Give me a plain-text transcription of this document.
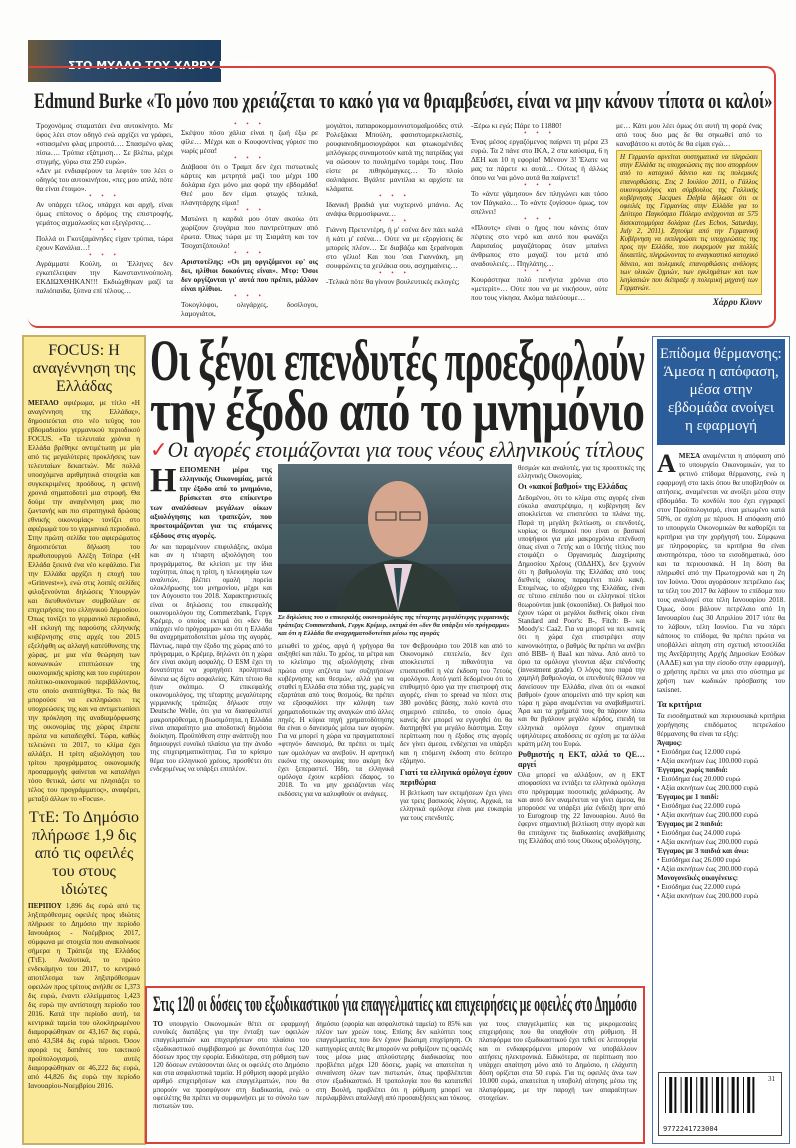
ΣΤΟ ΜΥΑΛΟ ΤΟΥ ΧΑΡΡΥ ΚΛΥΝΝ
Edmund Burke «Το μόνο που χρειάζεται το κακό για να θριαμβεύσει, είναι να μην κάνουν τίποτα οι καλοί»

Τροχονόμος σταματάει ένα αυτοκίνητο. Με ύφος λέει στον οδηγό ενώ αρχίζει να γράφει, «σπασμένο φλας μπροστά…. Σπασμένο φλας πίσω…. Τρύπια εξάτμιση… Σε βλέπω, μέχρι στιγμής, γύρω στα 250 ευρώ».

«Δεν με ενδιαφέρουν τα λεφτά» του λέει ο οδηγός του αυτοκινήτου, «πες μου απλά, πότε θα είναι έτοιμο».

• • •

Αν υπάρχει τέλος, υπάρχει και αρχή, είναι όμως επίπονος ο δρόμος της επιστροφής, γεμάτος αιχμαλωσίες και εξεγέρσεις…

• • •

Πολλά οι Γκοτζαμάνηδες είχαν τρύπια, τώρα έχουν Κανάλια…!

• • •

Αγράμματε Κούλη, οι Έλληνες δεν εγκατέλειψαν την Κωνσταντινούπολη. ΕΚΔΙΩΧΘΗΚΑΝ!!! Εκδιώχθηκαν μαζί τα παλιόπαιδα, ξύπνα επί τέλους…

• • •

Σκέψου πόσο χάλια είναι η ζωή έξω ρε φίλε… Μέχρι και ο Κουφοντίνας γύρισε πιο νωρίς μέσα!

• • •

Διάβασα ότι ο Τραμπ δεν έχει πιστωτικές κάρτες και μετρητά μαζί του μέχρι 100 δολάρια έχει μόνο μια φορά την εβδομάδα! Θεέ μου δεν είμαι φτωχός τελικά, πλανητάρχης είμαι!

• • •

Ματώνει η καρδιά μου όταν ακούω ότι χωρίζουν ζευγάρια που παντρεύτηκαν από έρωτα. Όπως τώρα με τη Σιαμάτη και τον Τσοχατζόπουλο!

• • •

Αριστοτέλης: «Οι μη οργιζόμενοι εφ' οις δει, ηλίθιοι δοκούντες είναι». Μτφ: Όσοι δεν οργίζονται γι' αυτά που πρέπει, μάλλον είναι ηλίθιοι.

• • •

Τοκογλύφοι, ολιγάρχες, δοσίλογοι, λαμογιάτοι,

μογιάτοι, παπαροκομμουνιστομαϊμούδες στιλ Ρολεξάκια Μπούλη, φασιστομερκελιστές, ρουφιανοδημοσιογράφοι και φτωκομένιδες μπλόγκερς συναμοτούν κατά της πατρίδας για να σώσουν το πουλημένο τομάρι τους. Που είστε ρε πιθηκόμαγκες… Το πλοίο σαλπάρισε. Βγάλτε μαντίλια κι αρχίστε τα κλάματα.

• • •

Ιδανική βραδιά για νυχτερινό μπάνιο. Ας ανάψω θερμοσίφωνα…

• • •

Γιάννη Πρετεντέρη, ή μ' εσένα δεν πάει καλά ή κάτι μ' εσένα… Ούτε να με εξοργίσεις δε μπορείς πλέον… Σε διαβάζω και ξεραίνομαι στο γέλιο! Και που 'σαι Γιαννάκη, μη σουφρώνεις τα χειλάκια σου, ασχημαίνεις…

• • •

-Τελικά πότε θα γίνουν βουλευτικές εκλογές;

-Ξέρω κι εγώ; Πάρε το 11880!

• • •

Ένας μέσος εργαζόμενος παίρνει τη μέρα 23 ευρώ. Τα 2 πάνε στο ΙΚΑ, 2 στα καύσιμα, 6 η ΔΕΗ και 10 η εφορία! Μένουν 3! Έλατε να μας τα πάρετε κι αυτά… Ούτως ή άλλως όπου να 'ναι μόνο αυτά θα παίρνετε!

• • •

Το «άντε γάμησου» δεν πληγώνει και τόσο τον Πάγκαλο… Το «άντε ζυγίσου» όμως, τον σπέλνει!

• • •

«Πλουτς» είναι ο ήχος που κάνεις όταν πέφτεις στο νερό και αυτό που φωνάζει Λαρισαίος μαγαζάτορας όταν μπαίνει άνθρωπος στο μαγαζί του μετά από αναδουλειές… Πηγλάτης…

• • •

Κουράστηκα πολύ πενήντα χρόνια στο «μετερίτ»… Ούτε που να με νικήσουν, ούτε που τους νίκησα. Ακόμα παλεύουμε…

με… Κάτι μου λέει όμως ότι αυτή τη φορά ένας από τους δυο μας δε θα σηκωθεί από το καναβάτσο κι αυτός δε θα είμαι εγώ…

Η Γερμανία αρνείται συστηματικά να πληρώσει στην Ελλάδα τις υποχρεώσεις της που απορρέουν από το κατοχικό δάνειο και τις πολεμικές επανορθώσεις. Στις 2 Ιουλίου 2011, ο Γάλλος οικονομολόγος και σύμβουλος της Γαλλικής κυβέρνησης Jacques Delpla δήλωσε ότι οι οφειλές της Γερμανίας στην Ελλάδα για το Δεύτερο Παγκόσμιο Πόλεμο ανέρχονται σε 575 δισεκατομμύρια δολάρια (Les Echos, Saturday, July 2, 2011). Ζητούμε από την Γερμανική Κυβέρνηση να εκπληρώσει τις υποχρεώσεις της προς την Ελλάδα, που εκκρεμούν για πολλές δεκαετίες, πληρώνοντας το αναγκαστικό κατοχικό δάνειο, και πολεμικές επανορθώσεις ανάλογες των υλικών ζημιών, των εγκλημάτων και των λεηλασιών που διέπραξε η πολεμική μηχανή των Γερμανών.

Χάρρυ Κλυνν

FOCUS: Η αναγέννηση της Ελλάδας
ΜΕΓΑΛΟ αφιέρωμα, με τίτλο «Η αναγέννηση της Ελλάδας», δημοσιεύεται στο νέο τεύχος του εβδομαδιαίου γερμανικού περιοδικού FOCUS. «Τα τελευταία χρόνια η Ελλάδα βρέθηκε αντιμέτωπη με μία από τις μεγαλύτερες προκλήσεις των τελευταίων δεκαετιών. Με πολλά υποσχόμενα αριθμητικά στοιχεία και συγκεκριμένες προόδους, η φετινή χρονιά σηματοδοτεί μια στροφή. Θα δούμε την αναγέννηση μιας πιο ζωντανής και πιο στρατηγικά δρώσας εθνικής οικονομίας» τονίζει στο αφιέρωμά του το γερμανικό περιοδικό. Στην πρώτη σελίδα του αφιερώματος δημοσιεύεται δήλωση του πρωθυπουργού Αλέξη Τσίπρα («Η Ελλάδα ξεκινά ένα νέο κεφάλαιο. Για την Ελλάδα αρχίζει η εποχή του «Grinvest»»), ενώ στις λοιπές σελίδες φιλοξενούνται δηλώσεις Υπουργών και διευθυνόντων συμβούλων σε επιχειρήσεις του ελληνικού Δημοσίου. Όπως τονίζει το γερμανικό περιοδικό, «Η εκλογή της παρούσης ελληνικής κυβέρνησης στις αρχές του 2015 εξελήφθη ως αλλαγή κατεύθυνσης της χώρας, με μια νέα θεώρηση των κοινωνικών επιπτώσεων της οικονομικής κρίσης και του ευρύτερου πολιτικο-οικονομικού περιβάλλοντος, στο οποίο αναπτύχθηκε. Το πώς θα μπορούσε να εκπληρώσει τις υποχρεώσεις της και να αντιμετωπίσει την πρόκληση της αναδιαμόρφωσης της οικονομίας της χώρας έπρεπε πρώτα να καταδειχθεί. Τώρα, καθώς τελειώνει το 2017, το κλίμα έχει αλλάξει. Η τρίτη αξιολόγηση του τρίτου προγράμματος οικονομικής προσαρμογής φαίνεται να καταλήγει τόσο θετικά, ώστε να πλησιάζει το τέλος του προγράμματος», αναφέρει, μεταξύ άλλων το «Focus».
ΤτΕ: Το Δημόσιο πλήρωσε 1,9 δις από τις οφειλές του στους ιδιώτες
ΠΕΡΙΠΟΥ 1,896 δις ευρώ από τις ληξιπρόθεσμες οφειλές προς ιδιώτες πλήρωσε το Δημόσιο την περίοδο Ιανουάριος - Νοέμβριος 2017, σύμφωνα με στοιχεία που ανακοίνωσε σήμερα η Τράπεζα της Ελλάδος (ΤτΕ). Αναλυτικά, το πρώτο ενδεκάμηνο του 2017, το κεντρικό αποτέλεσμα των ληξιπρόθεσμων οφειλών προς τρίτους ανήλθε σε 1,373 δις ευρώ, έναντι ελλείμματος 1,423 δις ευρώ την αντίστοιχη περίοδο του 2016. Κατά την περίοδο αυτή, τα κεντρικά ταμεία του ολοκληρωμένου διαμορφώθηκαν σε 43,167 δις ευρώ, από 43,584 δις ευρώ πέρυσι. Όσον αφορά τις δαπάνες του τακτικού προϋπολογισμού, αυτές διαμορφώθηκαν σε 46,222 δις ευρώ, από 44,826 δις ευρώ την περίοδο Ιανουαρίου-Νοεμβρίου 2016.
Οι ξένοι επενδυτές προεξοφλούν
την έξοδο από το μνημόνιο
✓Οι αγορές ετοιμάζονται για τους νέους ελληνικούς τίτλους
Η ΕΠΟΜΕΝΗ μέρα της ελληνικής Οικονομίας, μετά την έξοδο από το μνημόνιο, βρίσκεται στο επίκεντρο των αναλύσεων μεγάλων οίκων αξιολόγησης και τραπεζών, που προετοιμάζονται για τις επόμενες εξόδους στις αγορές.

Αν και παραμένουν επιφυλάξεις, ακόμα και αν η τέταρτη αξιολόγηση του προγράμματος, θα κλείσει με την ίδια ταχύτητα, όπως η τρίτη, η πλειοψηφία των αναλυτών, βλέπει ομαλή πορεία ολοκλήρωσης του μνημονίου, μέχρι και τον Αύγουστο του 2018. Χαρακτηριστικές είναι οι δηλώσεις του επικεφαλής οικονομολόγου της Commerzbank, Γεργκ Κρέμερ, ο οποίος εκτιμά ότι «δεν θα υπάρχει νέο πρόγραμμα» και ότι η Ελλάδα θα αναχρηματοδοτείται μέσω της αγοράς. Πάντως, παρά την έξοδο της χώρας από το πρόγραμμα, ο Κρέμερ, δηλώνει ότι η χώρα δεν είναι ακόμη ασφαλής. Ο ΕSΜ έχει τη δυνατότητα να χορηγήσει προληπτικά δάνεια ως δίχτυ ασφαλείας. Κάτι τέτοιο θα ήταν σκόπιμο. Ο επικεφαλής οικονομολόγος, της τέταρτης μεγαλύτερης γερμανικής τράπεζας δήλωσε στην Deutsche Welle, ότι για να διασφαλιστεί μακροπρόθεσμα, η βιωσιμότητα, η Ελλάδα είναι απαραίτητο μια αποδοτική δημόσια διοίκηση. Προϋπόθεση στην ανάπτυξη που δημιουργεί ευνοϊκό πλαίσιο για την άνοδο της επιχειρηματικότητας. Για το κρίσιμο θέμα του ελληνικού χρέους, προσθέτει ότι ενδεχομένως να υπάρξει επιπλέον.

Σε δηλώσεις του ο επικεφαλής οικονομολόγος της τέταρτης μεγαλύτερης γερμανικής τράπεζας Commerzbank, Γεργκ Κρέμερ, εκτιμά ότι «δεν θα υπάρξει νέο πρόγραμμα» και ότι η Ελλάδα θα αναχρηματοδοτείται μέσω της αγοράς

μειωθεί το χρέος, αργά ή γρήγορα θα αυξηθεί και πάλι. Το χρέος, τα μέτρα και το κλείσιμο της αξιολόγησης είναι πρώτα στην ατζέντα των συζητήσεων κυβέρνησης και θεσμών, αλλά για να σταθεί η Ελλάδα στα πόδια της, χωρίς να εξαρτάται από τους θεσμούς, θα πρέπει να εξασφαλίσει την κάλυψη των χρηματοδοτικών της αναγκών από άλλες πηγές. Η κύρια πηγή χρηματοδότησης θα είναι ο δανεισμός μέσω των αγορών. Για να μπορεί η χώρα να πραγματοποιεί «φτηνό» δανεισμό, θα πρέπει οι τιμές των ομολόγων να ανεβούν. Η αρνητική εικόνα της οικονομίας που ακόμη δεν έχει ξεπεραστεί. Ήδη, τα ελληνικά ομόλογα έχουν κερδίσει έδαφος, το 2018. Το να μην χρειάζονται νέες εκδόσεις για να καλυφθούν οι ανάγκες.

τον Φεβρουάριο του 2018 και από το Οικονομικό επιτελείο, δεν έχει αποκλειστεί η πιθανότητα να επισπευσθεί η νέα έκδοση του 7ετούς ομολόγου. Αυτό γιατί δεδομένου ότι το επιθυμητό όριο για την επιστροφή στις αγορές, είναι το spread να πέσει στις 380 μονάδες βάσης, πολύ κοντά στο σημερινό επίπεδο, το οποίο όμως κανείς δεν μπορεί να εγγυηθεί ότι θα διατηρηθεί για μεγάλο διάστημα. Στην περίπτωση που η έξοδος στις αγορές δεν γίνει άμεσα, ενδέχεται να υπάρξει και η επόμενη έκδοση στο δεύτερο εξάμηνο.

Γιατί τα ελληνικά ομόλογα έχουν περιθώρια

Η βελτίωση των εκτιμήσεων έχει γίνει για τρεις βασικούς λόγους. Αρχικά, τα ελληνικά ομόλογα είναι μια ευκαιρία για τους επενδυτές.

θεσμών και αναλυτές, για τις προοπτικές της ελληνικής Οικονομίας.

Οι «κακοί βαθμοί» της Ελλάδας

Δεδομένου, ότι το κλίμα στις αγορές είναι εύκολα αναστρέψιμο, η κυβέρνηση δεν αποκλείεται να επισπεύσει τα πλάνα της. Παρά τη μεγάλη βελτίωση, οι επενδυτές, κυρίως οι θεσμικοί που είναι οι βασικοί υποψήφιοι για μία μακροχρόνια επένδυση όπως είναι ο 7ετής και ο 10ετής τίτλος που ετοιμάζει ο Οργανισμός Διαχείρισης Δημοσίου Χρέους (ΟΔΔΗΧ), δεν ξεχνούν ότι η βαθμολογία της Ελλάδας από τους διεθνείς οίκους παραμένει πολύ κακή. Επομένως, το αξιόχρεο της Ελλάδας, είναι σε τέτοιο επίπεδο που οι ελληνικοί τίτλοι θεωρούνται junk (σκουπίδια). Οι βαθμοί που έχουν τώρα οι μεγάλοι διεθνείς οίκοι είναι Standard and Poor's: B-, Fitch: B- και Moody's: Caa2. Για να μπορεί να πει κανείς ότι η χώρα έχει επιστρέψει στην κανονικότητα, ο βαθμός θα πρέπει να ανέβει από ΒΒΒ- ή Baa1 και πάνω. Από αυτό το όριο τα ομόλογα γίνονται άξια επένδυσης (investment grade). Ο λόγος που παρά την χαμηλή βαθμολογία, οι επενδυτές θέλουν να δανείσουν την Ελλάδα, είναι ότι οι «κακοί βαθμοί» έχουν απομείνει από την κρίση και τώρα η χώρα αναμένεται να αναβαθμιστεί. Άρα και τα χρήματά τους θα πάρουν πίσω και θα βγάλουν μεγάλο κέρδος, επειδή τα ελληνικά ομόλογα έχουν σημαντικά υψηλότερες αποδόσεις σε σχέση με τα άλλα κράτη μέλη του Ευρώ.

Ρυθμιστής η ΕΚΤ, αλλά το QE… αργεί

Όλα μπορεί να αλλάξουν, αν η ΕΚΤ αποφασίσει να εντάξει τα ελληνικά ομόλογα στο πρόγραμμα ποσοτικής χαλάρωσης. Αν και αυτό δεν αναμένεται να γίνει άμεσα, θα μπορούσε να υπάρξει μία ένδειξη πριν από το Eurogroup της 22 Ιανουαρίου. Αυτό θα έφερνε σημαντική βελτίωση στην αγορά και θα επιτάχυνε τις διαδικασίες αναβάθμισης της Ελλάδος από τους Οίκους αξιολόγησης.

Στις 120 οι δόσεις του εξωδικαστικού για επαγγελματίες και επιχειρήσεις με οφειλές στο Δημόσιο

ΤΟ υπουργείο Οικονομικών θέτει σε εφαρμογή ευνοϊκές διατάξεις για την ένταξη των οφειλών επαγγελματιών και επιχειρήσεων στο πλαίσιο του εξωδικαστικού συμβιβασμού με δυνατότητα έως 120 δόσεων προς την εφορία. Ειδικότερα, στη ρύθμιση των 120 δόσεων εντάσσονται όλες οι οφειλές στο Δημόσιο και στα ασφαλιστικά ταμεία. Η ρύθμιση αφορά μεγάλο αριθμό επιχειρήσεων και επαγγελματιών, που θα μπορούν να προσφύγουν στη διαδικασία, ενώ ο οφειλέτης θα πρέπει να συμφωνήσει με το σύνολο των πιστωτών του.

δημόσιο (εφορία και ασφαλιστικά ταμεία) το 85% και πλέον των χρεών τους. Επίσης δεν καλύπτει τους επαγγελματίες που δεν έχουν βιώσιμη επιχείρηση. Οι κατηγορίες αυτές θα μπορούν να ρυθμίζουν τις οφειλές τους μέσω μιας απλούστερης διαδικασίας που προβλέπει μέχρι 120 δόσεις, χωρίς να απαιτείται η συναίνεση όλων των πιστωτών, όπως προβλέπεται στον εξωδικαστικό. Η τροπολογία που θα κατατεθεί στη Βουλή, προβλέπει ότι η ρύθμιση μπορεί να περιλαμβάνει απαλλαγή από προσαυξήσεις και τόκους.

για τους επαγγελματίες και τις μικρομεσαίες επιχειρήσεις που θα υπαχθούν στη ρύθμιση. Η πλατφόρμα του εξωδικαστικού έχει τεθεί σε λειτουργία και οι ενδιαφερόμενοι μπορούν να υποβάλλουν αιτήσεις ηλεκτρονικά. Ειδικότερα, σε περίπτωση που υπάρχει απαίτηση μόνο από το Δημόσιο, η ελάχιστη δόση ορίζεται στα 50 ευρώ. Για τις οφειλές άνω των 10.000 ευρώ, απαιτείται η υποβολή αίτησης μέσω της πλατφόρμας, με την παροχή των απαραίτητων στοιχείων.

Επίδομα θέρμανσης:
Άμεσα η απόφαση,
μέσα στην
εβδομάδα ανοίγει
η εφαρμογή
Α ΜΕΣΑ αναμένεται η απόφαση από το υπουργείο Οικονομικών, για το φετινό επίδομα θέρμανσης, ενώ η εφαρμογή στο taxis όπου θα υποβληθούν οι αιτήσεις, αναμένεται να ανοίξει μέσα στην εβδομάδα. Το κονδύλι που έχει εγγραφεί στον Προϋπολογισμό, είναι μειωμένο κατά 50%, σε σχέση με πέρυσι. Η απόφαση από το υπουργείο Οικονομικών θα καθορίζει τα κριτήρια για την χορήγησή του. Σύμφωνα με πληροφορίες, τα κριτήρια θα είναι αυστηρότερα, τόσο τα εισοδηματικά, όσο και τα περιουσιακά. Η 1η δόση θα πληρωθεί από την Πρωτοχρονιά και η 2η τον Ιούνιο. Όσοι αγοράσουν πετρέλαιο έως τα τέλη του 2017 θα λάβουν το επίδομα που τους αναλογεί στα τέλη Ιανουαρίου 2018. Όμως, όσοι βάλουν πετρέλαιο από 1η Ιανουαρίου έως 30 Απριλίου 2017 τότε θα το λάβουν, τέλη Ιουνίου. Για να πάρει κάποιος το επίδομα, θα πρέπει πρώτα να υποβάλλει αίτηση στη σχετική ιστοσελίδα της Ανεξάρτητης Αρχής Δημοσίων Εσόδων (ΑΑΔΕ) και για την είσοδο στην εφαρμογή, ο χρήστης πρέπει να μπει στο σύστημα με χρήση των κωδικών πρόσβασης του taxisnet.

Τα κριτήρια

Τα εισοδηματικά και περιουσιακά κριτήρια χορήγησης επιδόματος πετρελαίου θέρμανσης θα είναι τα εξής:

Άγαμος:
• Εισόδημα έως 12.000 ευρώ
• Αξία ακινήτων έως 100.000 ευρώ
Έγγαμος χωρίς παιδιά:
• Εισόδημα έως 20.000 ευρώ
• Αξία ακινήτων έως 200.000 ευρώ
Έγγαμος με 1 παιδί:
• Εισόδημα έως 22.000 ευρώ
• Αξία ακινήτων έως 200.000 ευρώ
Έγγαμος με 2 παιδιά:
• Εισόδημα έως 24.000 ευρώ
• Αξία ακινήτων έως 200.000 ευρώ
Έγγαμος με 3 παιδιά και άνω:
• Εισόδημα έως 26.000 ευρώ
• Αξία ακινήτων έως 200.000 ευρώ
Μονογονεϊκές οικογένειες:
• Εισόδημα έως 22.000 ευρώ
• Αξία ακινήτων έως 200.000 ευρώ
9772241723004
31
